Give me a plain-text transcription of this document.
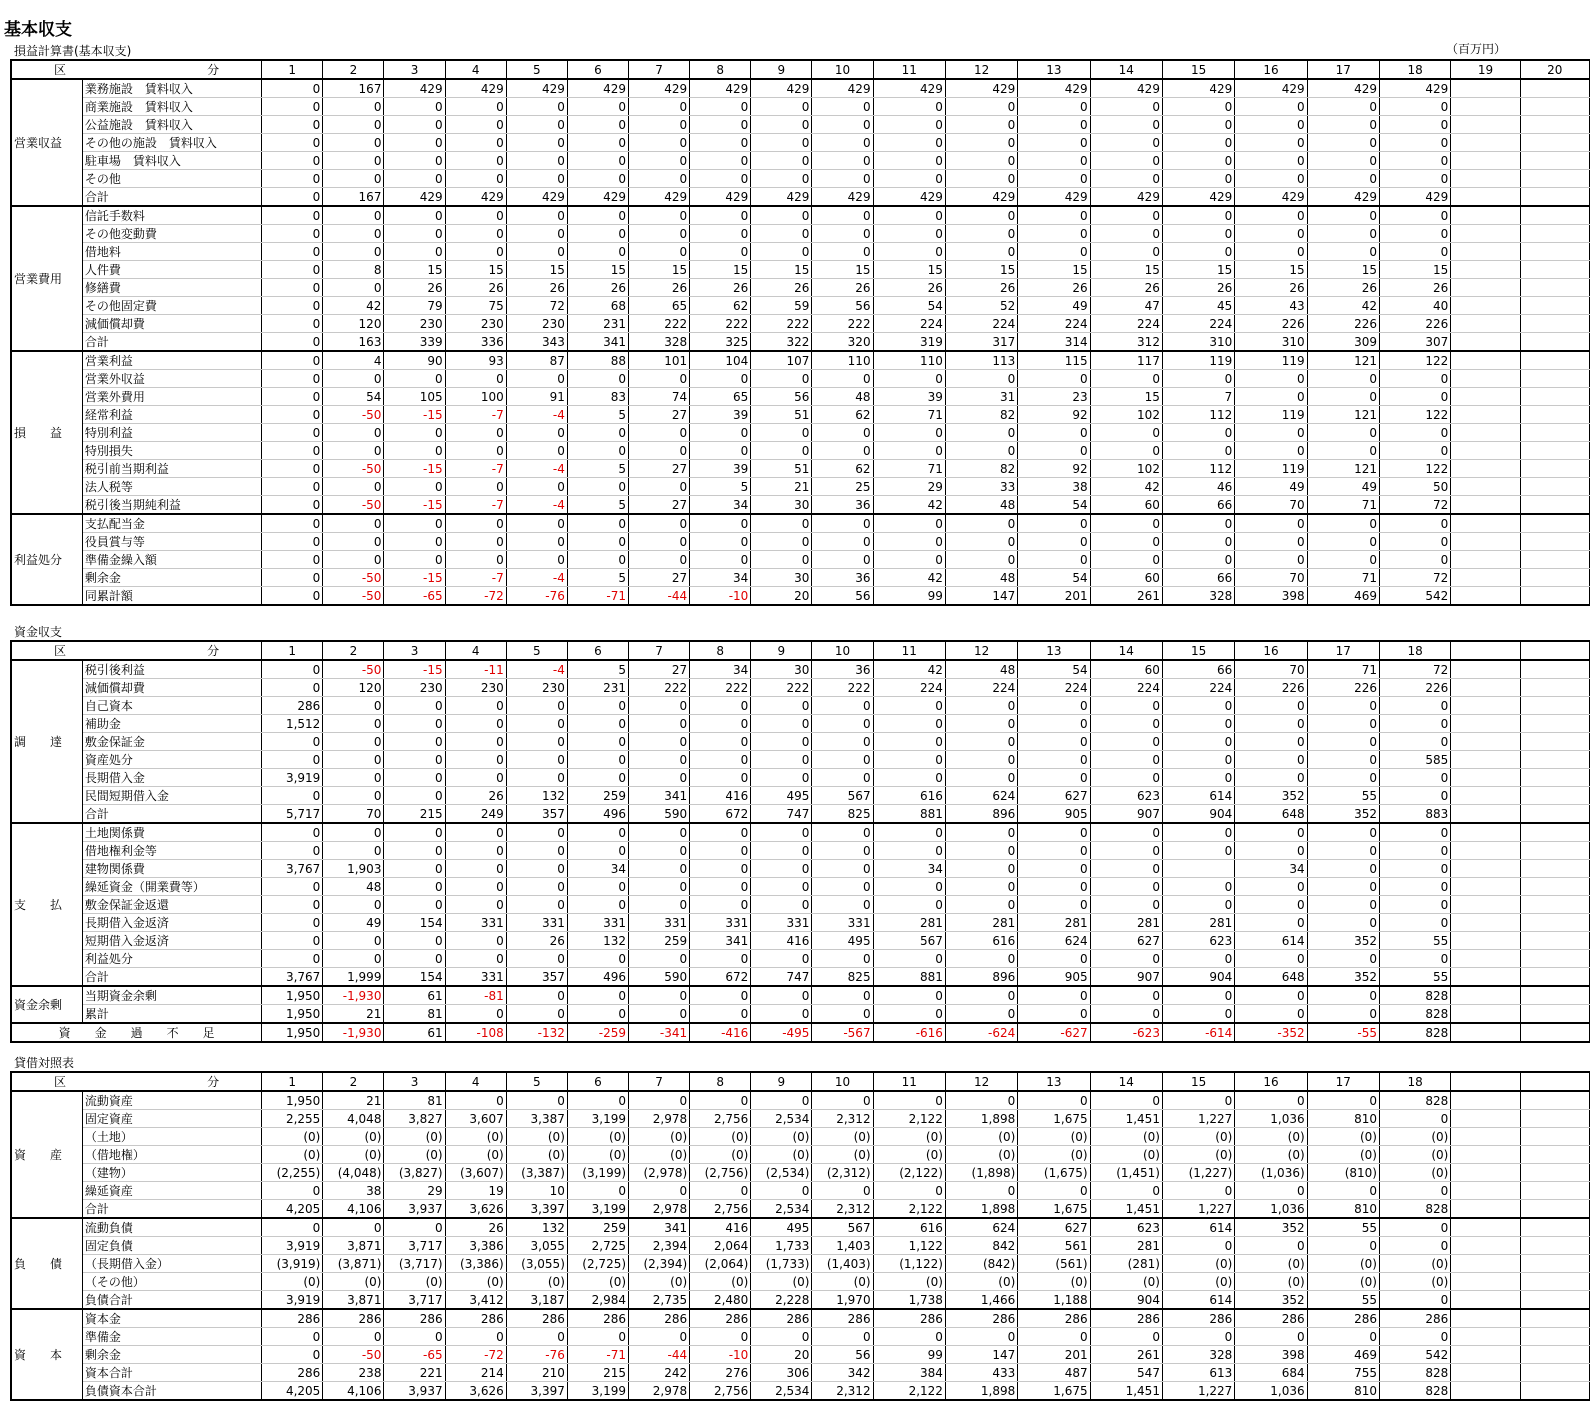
基本収支
（百万円）
損益計算書(基本収支)
区 分		1	2	3	4	5	6	7	8	9	10	11	12	13	14	15	16	17	18	19	20
営業収益	業務施設　賃料収入	0	167	429	429	429	429	429	429	429	429	429	429	429	429	429	429	429	429		
	商業施設　賃料収入	0	0	0	0	0	0	0	0	0	0	0	0	0	0	0	0	0	0		
	公益施設　賃料収入	0	0	0	0	0	0	0	0	0	0	0	0	0	0	0	0	0	0		
	その他の施設　賃料収入	0	0	0	0	0	0	0	0	0	0	0	0	0	0	0	0	0	0		
	駐車場　賃料収入	0	0	0	0	0	0	0	0	0	0	0	0	0	0	0	0	0	0		
	その他	0	0	0	0	0	0	0	0	0	0	0	0	0	0	0	0	0	0		
	合計	0	167	429	429	429	429	429	429	429	429	429	429	429	429	429	429	429	429		
営業費用	信託手数料	0	0	0	0	0	0	0	0	0	0	0	0	0	0	0	0	0	0		
	その他変動費	0	0	0	0	0	0	0	0	0	0	0	0	0	0	0	0	0	0		
	借地料	0	0	0	0	0	0	0	0	0	0	0	0	0	0	0	0	0	0		
	人件費	0	8	15	15	15	15	15	15	15	15	15	15	15	15	15	15	15	15		
	修繕費	0	0	26	26	26	26	26	26	26	26	26	26	26	26	26	26	26	26		
	その他固定費	0	42	79	75	72	68	65	62	59	56	54	52	49	47	45	43	42	40		
	減価償却費	0	120	230	230	230	231	222	222	222	222	224	224	224	224	224	226	226	226		
	合計	0	163	339	336	343	341	328	325	322	320	319	317	314	312	310	310	309	307		
損　　益	営業利益	0	4	90	93	87	88	101	104	107	110	110	113	115	117	119	119	121	122		
	営業外収益	0	0	0	0	0	0	0	0	0	0	0	0	0	0	0	0	0	0		
	営業外費用	0	54	105	100	91	83	74	65	56	48	39	31	23	15	7	0	0	0		
	経常利益	0	-50	-15	-7	-4	5	27	39	51	62	71	82	92	102	112	119	121	122		
	特別利益	0	0	0	0	0	0	0	0	0	0	0	0	0	0	0	0	0	0		
	特別損失	0	0	0	0	0	0	0	0	0	0	0	0	0	0	0	0	0	0		
	税引前当期利益	0	-50	-15	-7	-4	5	27	39	51	62	71	82	92	102	112	119	121	122		
	法人税等	0	0	0	0	0	0	0	5	21	25	29	33	38	42	46	49	49	50		
	税引後当期純利益	0	-50	-15	-7	-4	5	27	34	30	36	42	48	54	60	66	70	71	72		
利益処分	支払配当金	0	0	0	0	0	0	0	0	0	0	0	0	0	0	0	0	0	0		
	役員賞与等	0	0	0	0	0	0	0	0	0	0	0	0	0	0	0	0	0	0		
	準備金繰入額	0	0	0	0	0	0	0	0	0	0	0	0	0	0	0	0	0	0		
	剰余金	0	-50	-15	-7	-4	5	27	34	30	36	42	48	54	60	66	70	71	72		
	同累計額	0	-50	-65	-72	-76	-71	-44	-10	20	56	99	147	201	261	328	398	469	542		
資金収支
区 分		1	2	3	4	5	6	7	8	9	10	11	12	13	14	15	16	17	18		
調　　達	税引後利益	0	-50	-15	-11	-4	5	27	34	30	36	42	48	54	60	66	70	71	72		
	減価償却費	0	120	230	230	230	231	222	222	222	222	224	224	224	224	224	226	226	226		
	自己資本	286	0	0	0	0	0	0	0	0	0	0	0	0	0	0	0	0	0		
	補助金	1,512	0	0	0	0	0	0	0	0	0	0	0	0	0	0	0	0	0		
	敷金保証金	0	0	0	0	0	0	0	0	0	0	0	0	0	0	0	0	0	0		
	資産処分	0	0	0	0	0	0	0	0	0	0	0	0	0	0	0	0	0	585		
	長期借入金	3,919	0	0	0	0	0	0	0	0	0	0	0	0	0	0	0	0	0		
	民間短期借入金	0	0	0	26	132	259	341	416	495	567	616	624	627	623	614	352	55	0		
	合計	5,717	70	215	249	357	496	590	672	747	825	881	896	905	907	904	648	352	883		
支　　払	土地関係費	0	0	0	0	0	0	0	0	0	0	0	0	0	0	0	0	0	0		
	借地権利金等	0	0	0	0	0	0	0	0	0	0	0	0	0	0	0	0	0	0		
	建物関係費	3,767	1,903	0	0	0	34	0	0	0	0	34	0	0	0		34	0	0		
	繰延資金（開業費等）	0	48	0	0	0	0	0	0	0	0	0	0	0	0	0	0	0	0		
	敷金保証金返還	0	0	0	0	0	0	0	0	0	0	0	0	0	0	0	0	0	0		
	長期借入金返済	0	49	154	331	331	331	331	331	331	331	281	281	281	281	281	0	0	0		
	短期借入金返済	0	0	0	0	26	132	259	341	416	495	567	616	624	627	623	614	352	55		
	利益処分	0	0	0	0	0	0	0	0	0	0	0	0	0	0	0	0	0	0		
	合計	3,767	1,999	154	331	357	496	590	672	747	825	881	896	905	907	904	648	352	55		
資金余剰	当期資金余剰	1,950	-1,930	61	-81	0	0	0	0	0	0	0	0	0	0	0	0	0	828		
	累計	1,950	21	81	0	0	0	0	0	0	0	0	0	0	0	0	0	0	828		
資　　金　　過　　不　　足		1,950	-1,930	61	-108	-132	-259	-341	-416	-495	-567	-616	-624	-627	-623	-614	-352	-55	828		
貸借対照表
区 分		1	2	3	4	5	6	7	8	9	10	11	12	13	14	15	16	17	18		
資　　産	流動資産	1,950	21	81	0	0	0	0	0	0	0	0	0	0	0	0	0	0	828		
	固定資産	2,255	4,048	3,827	3,607	3,387	3,199	2,978	2,756	2,534	2,312	2,122	1,898	1,675	1,451	1,227	1,036	810	0		
	（土地）	(0)	(0)	(0)	(0)	(0)	(0)	(0)	(0)	(0)	(0)	(0)	(0)	(0)	(0)	(0)	(0)	(0)	(0)		
	（借地権）	(0)	(0)	(0)	(0)	(0)	(0)	(0)	(0)	(0)	(0)	(0)	(0)	(0)	(0)	(0)	(0)	(0)	(0)		
	（建物）	(2,255)	(4,048)	(3,827)	(3,607)	(3,387)	(3,199)	(2,978)	(2,756)	(2,534)	(2,312)	(2,122)	(1,898)	(1,675)	(1,451)	(1,227)	(1,036)	(810)	(0)		
	繰延資産	0	38	29	19	10	0	0	0	0	0	0	0	0	0	0	0	0	0		
	合計	4,205	4,106	3,937	3,626	3,397	3,199	2,978	2,756	2,534	2,312	2,122	1,898	1,675	1,451	1,227	1,036	810	828		
負　　債	流動負債	0	0	0	26	132	259	341	416	495	567	616	624	627	623	614	352	55	0		
	固定負債	3,919	3,871	3,717	3,386	3,055	2,725	2,394	2,064	1,733	1,403	1,122	842	561	281	0	0	0	0		
	（長期借入金）	(3,919)	(3,871)	(3,717)	(3,386)	(3,055)	(2,725)	(2,394)	(2,064)	(1,733)	(1,403)	(1,122)	(842)	(561)	(281)	(0)	(0)	(0)	(0)		
	（その他）	(0)	(0)	(0)	(0)	(0)	(0)	(0)	(0)	(0)	(0)	(0)	(0)	(0)	(0)	(0)	(0)	(0)	(0)		
	負債合計	3,919	3,871	3,717	3,412	3,187	2,984	2,735	2,480	2,228	1,970	1,738	1,466	1,188	904	614	352	55	0		
資　　本	資本金	286	286	286	286	286	286	286	286	286	286	286	286	286	286	286	286	286	286		
	準備金	0	0	0	0	0	0	0	0	0	0	0	0	0	0	0	0	0	0		
	剰余金	0	-50	-65	-72	-76	-71	-44	-10	20	56	99	147	201	261	328	398	469	542		
	資本合計	286	238	221	214	210	215	242	276	306	342	384	433	487	547	613	684	755	828		
	負債資本合計	4,205	4,106	3,937	3,626	3,397	3,199	2,978	2,756	2,534	2,312	2,122	1,898	1,675	1,451	1,227	1,036	810	828		
